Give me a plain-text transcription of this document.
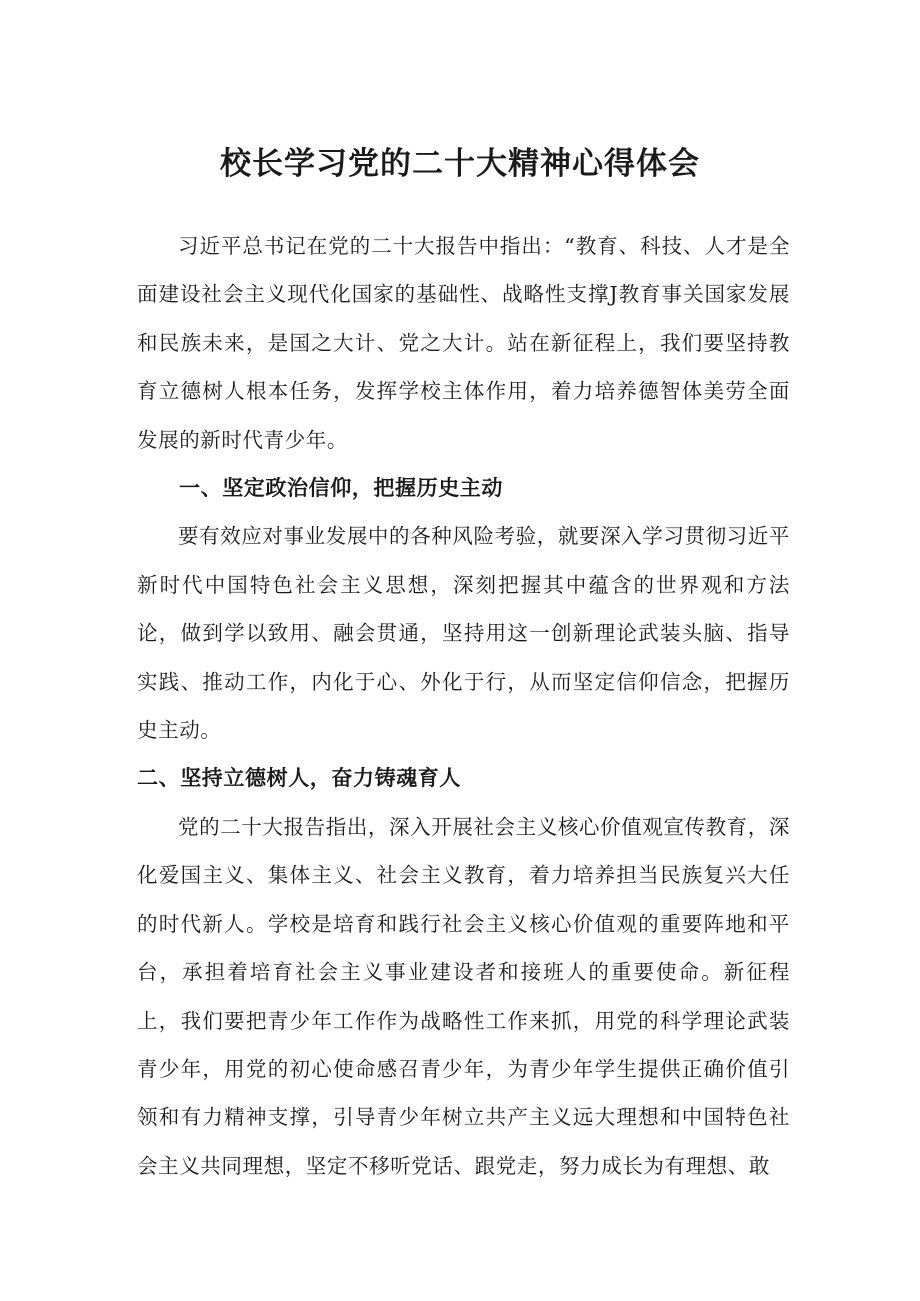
校长学习党的二十大精神心得体会

习近平总书记在党的二十大报告中指出：“教育、科技、人才是全面建设社会主义现代化国家的基础性、战略性支撑J教育事关国家发展和民族未来，是国之大计、党之大计。站在新征程上，我们要坚持教育立德树人根本任务，发挥学校主体作用，着力培养德智体美劳全面发展的新时代青少年。

一、坚定政治信仰，把握历史主动

要有效应对事业发展中的各种风险考验，就要深入学习贯彻习近平新时代中国特色社会主义思想，深刻把握其中蕴含的世界观和方法论，做到学以致用、融会贯通，坚持用这一创新理论武装头脑、指导实践、推动工作，内化于心、外化于行，从而坚定信仰信念，把握历史主动。

二、坚持立德树人，奋力铸魂育人

党的二十大报告指出，深入开展社会主义核心价值观宣传教育，深化爱国主义、集体主义、社会主义教育，着力培养担当民族复兴大任的时代新人。学校是培育和践行社会主义核心价值观的重要阵地和平台，承担着培育社会主义事业建设者和接班人的重要使命。新征程上，我们要把青少年工作作为战略性工作来抓，用党的科学理论武装青少年，用党的初心使命感召青少年，为青少年学生提供正确价值引领和有力精神支撑，引导青少年树立共产主义远大理想和中国特色社会主义共同理想，坚定不移听党话、跟党走，努力成长为有理想、敢
